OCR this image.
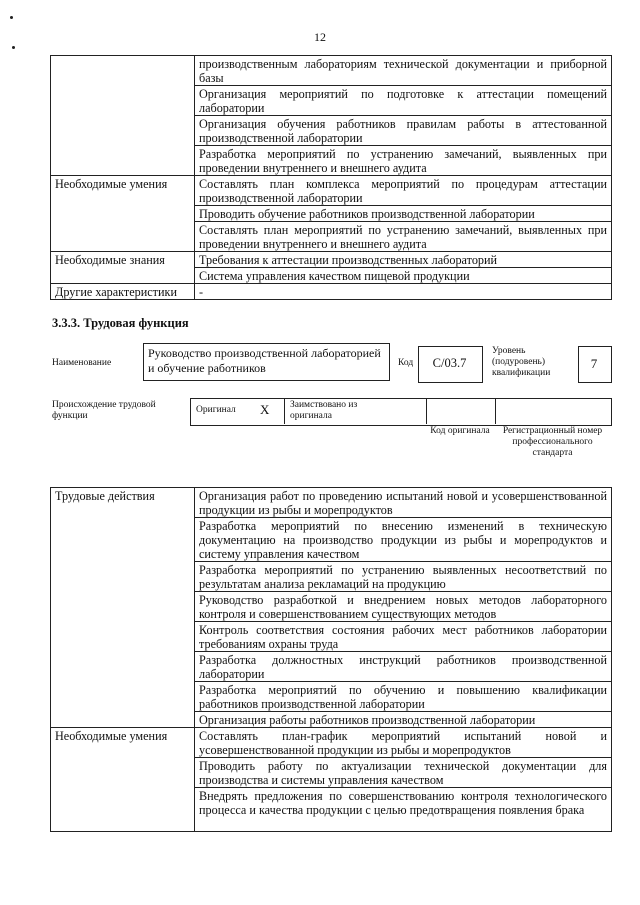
12
	производственным лабораториям технической документации и приборной базы
	Организация мероприятий по подготовке к аттестации помещений лаборатории
	Организация обучения работников правилам работы в аттестованной производственной лаборатории
	Разработка мероприятий по устранению замечаний, выявленных при проведении внутреннего и внешнего аудита
Необходимые умения	Составлять план комплекса мероприятий по процедурам аттестации производственной лаборатории
	Проводить обучение работников производственной лаборатории
	Составлять план мероприятий по устранению замечаний, выявленных при проведении внутреннего и внешнего аудита
Необходимые знания	Требования к аттестации производственных лабораторий
	Система управления качеством пищевой продукции
Другие характеристики	-
3.3.3. Трудовая функция
Наименование
Руководство производственной лабораторией и обучение работников	Код	C/03.7
Уровень (подуровень) квалификации
7
Происхождение трудовой функции
Оригинал X Заимствовано из оригинала
Код оригинала Регистрационный номер профессионального стандарта
Трудовые действия	Организация работ по проведению испытаний новой и усовершенствованной продукции из рыбы и морепродуктов
	Разработка мероприятий по внесению изменений в техническую документацию на производство продукции из рыбы и морепродуктов и систему управления качеством
	Разработка мероприятий по устранению выявленных несоответствий по результатам анализа рекламаций на продукцию
	Руководство разработкой и внедрением новых методов лабораторного контроля и совершенствованием существующих методов
	Контроль соответствия состояния рабочих мест работников лаборатории требованиям охраны труда
	Разработка должностных инструкций работников производственной лаборатории
	Разработка мероприятий по обучению и повышению квалификации работников производственной лаборатории
	Организация работы работников производственной лаборатории
Необходимые умения	Составлять план-график мероприятий испытаний новой и усовершенствованной продукции из рыбы и морепродуктов
	Проводить работу по актуализации технической документации для производства и системы управления качеством
	Внедрять предложения по совершенствованию контроля технологического процесса и качества продукции с целью предотвращения появления брака
